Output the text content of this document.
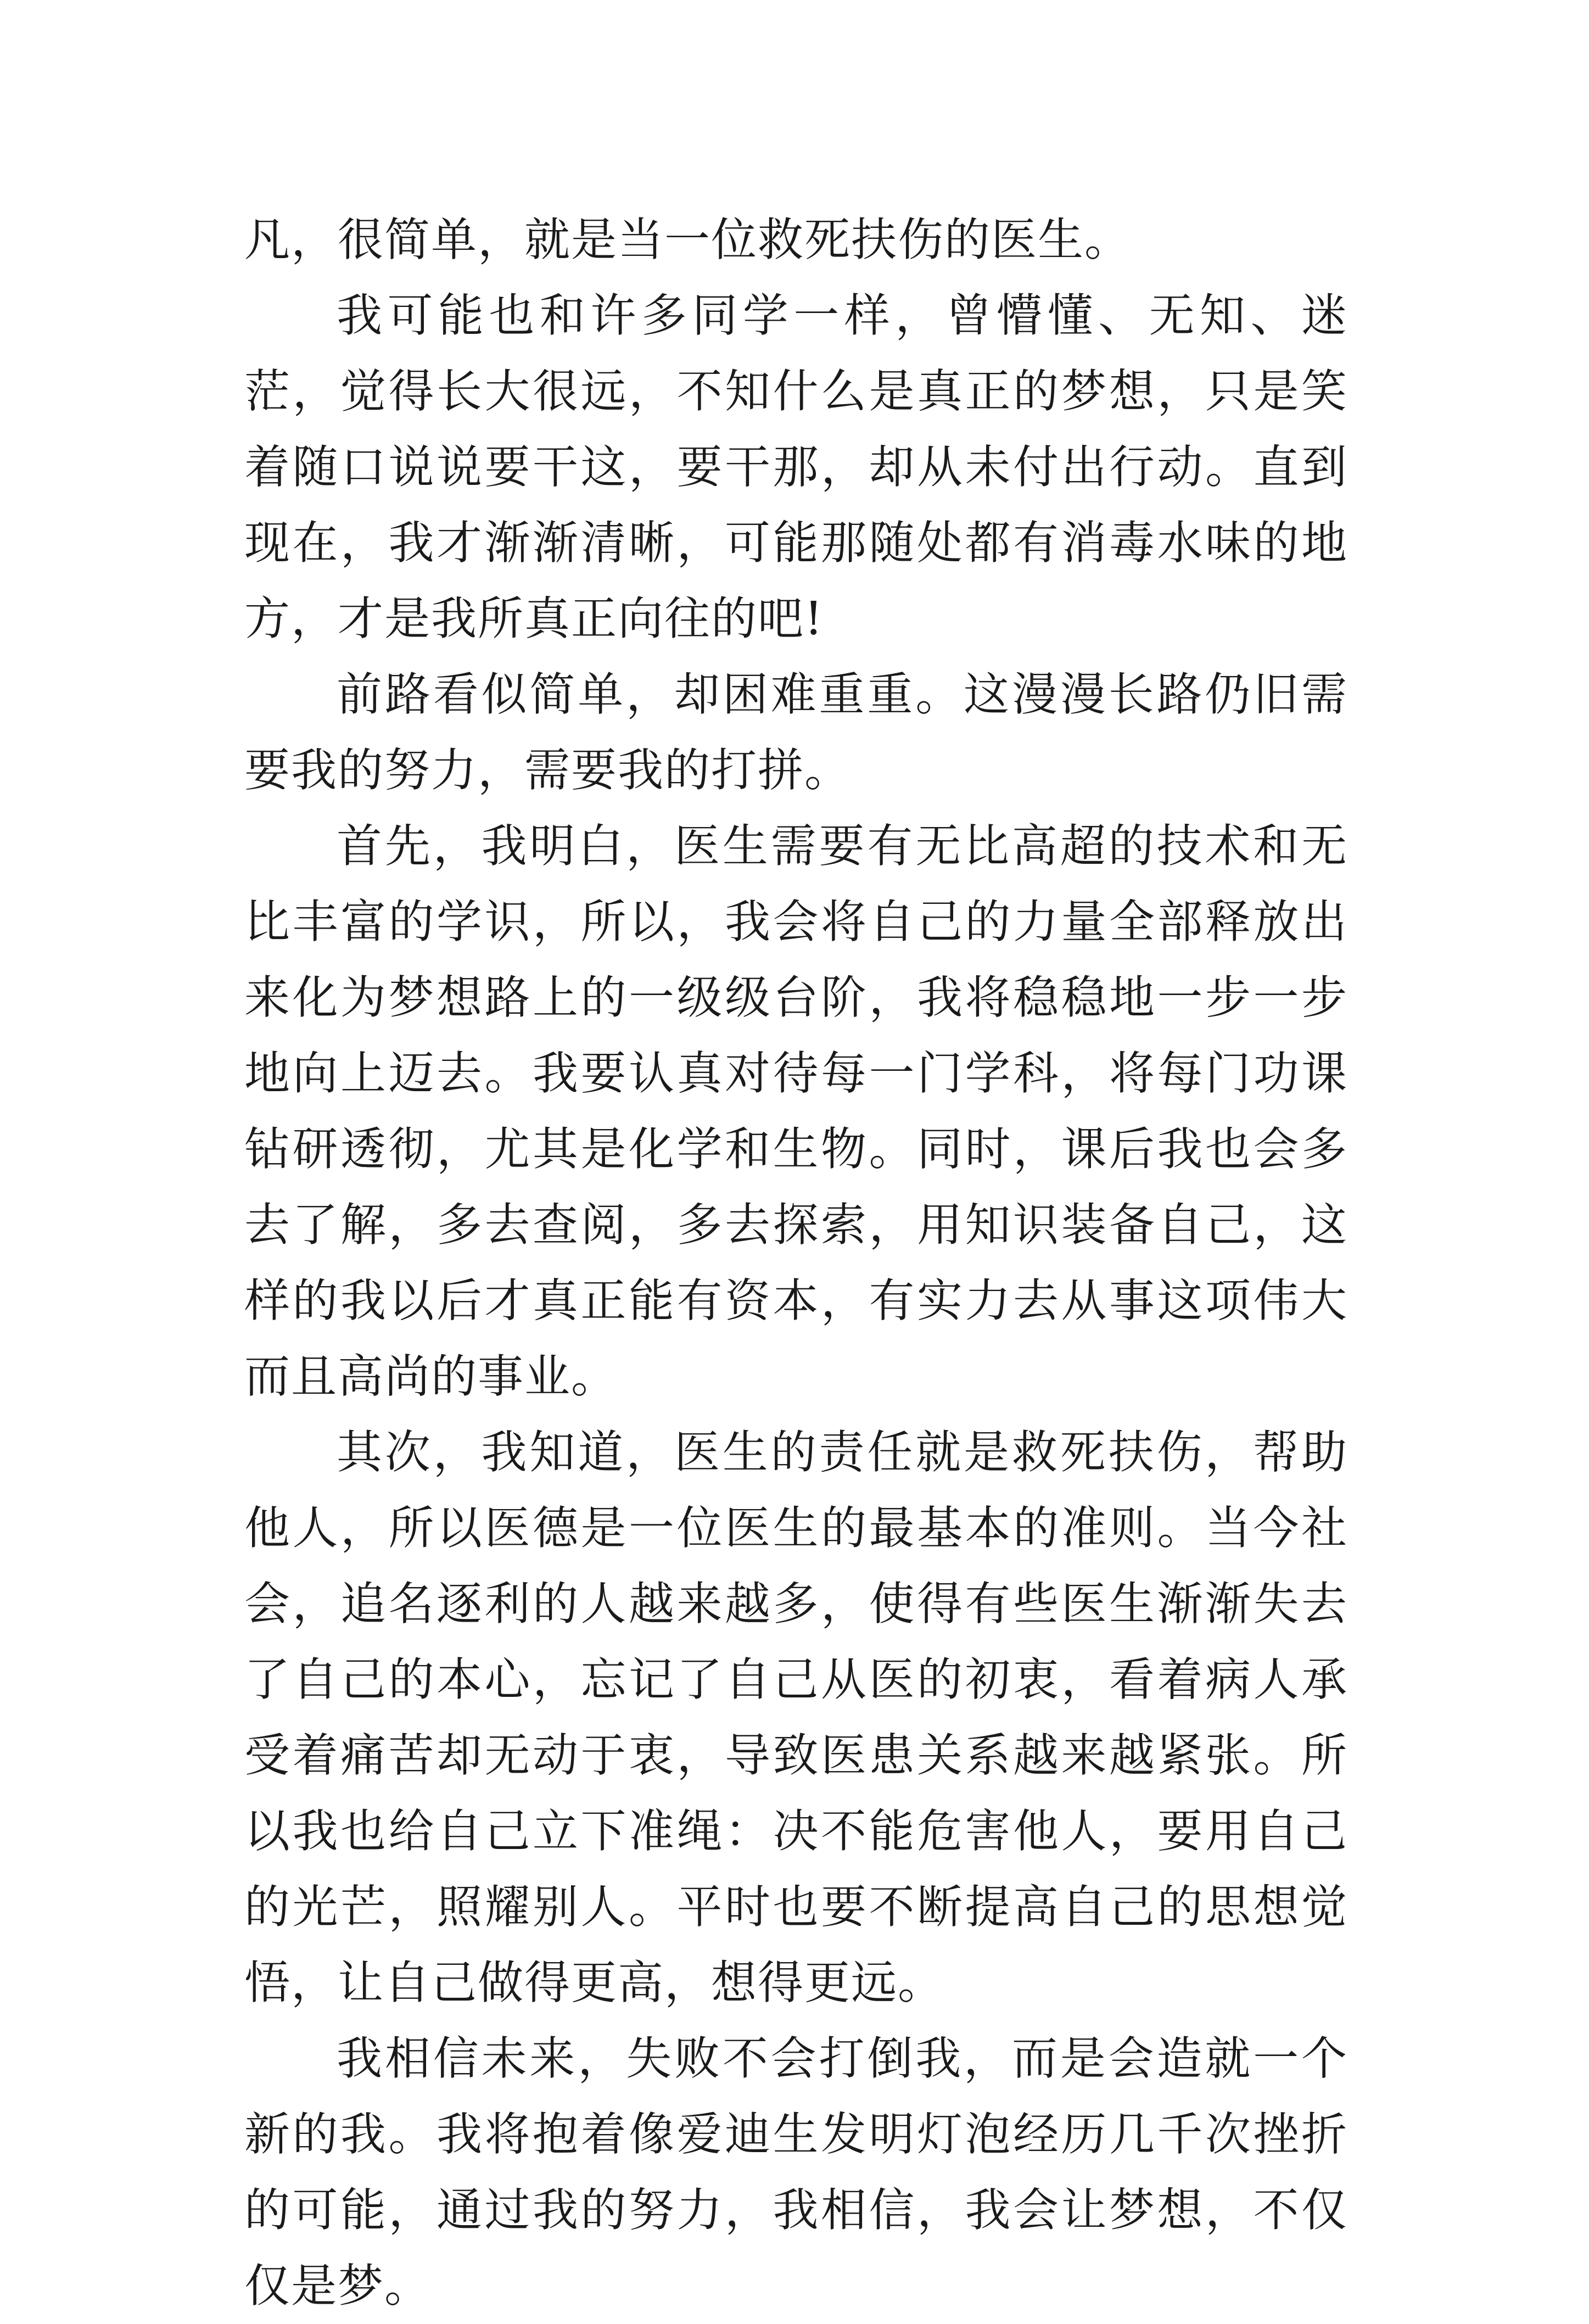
凡，很简单，就是当一位救死扶伤的医生。

我可能也和许多同学一样，曾懵懂、无知、迷茫，觉得长大很远，不知什么是真正的梦想，只是笑着随口说说要干这，要干那，却从未付出行动。直到现在，我才渐渐清晰，可能那随处都有消毒水味的地方，才是我所真正向往的吧!

前路看似简单，却困难重重。这漫漫长路仍旧需要我的努力，需要我的打拼。

首先，我明白，医生需要有无比高超的技术和无比丰富的学识，所以，我会将自己的力量全部释放出来化为梦想路上的一级级台阶，我将稳稳地一步一步地向上迈去。我要认真对待每一门学科，将每门功课钻研透彻，尤其是化学和生物。同时，课后我也会多去了解，多去查阅，多去探索，用知识装备自己，这样的我以后才真正能有资本，有实力去从事这项伟大而且高尚的事业。

其次，我知道，医生的责任就是救死扶伤，帮助他人，所以医德是一位医生的最基本的准则。当今社会，追名逐利的人越来越多，使得有些医生渐渐失去了自己的本心，忘记了自己从医的初衷，看着病人承受着痛苦却无动于衷，导致医患关系越来越紧张。所以我也给自己立下准绳：决不能危害他人，要用自己的光芒，照耀别人。平时也要不断提高自己的思想觉悟，让自己做得更高，想得更远。

我相信未来，失败不会打倒我，而是会造就一个新的我。我将抱着像爱迪生发明灯泡经历几千次挫折的可能，通过我的努力，我相信，我会让梦想，不仅仅是梦。
